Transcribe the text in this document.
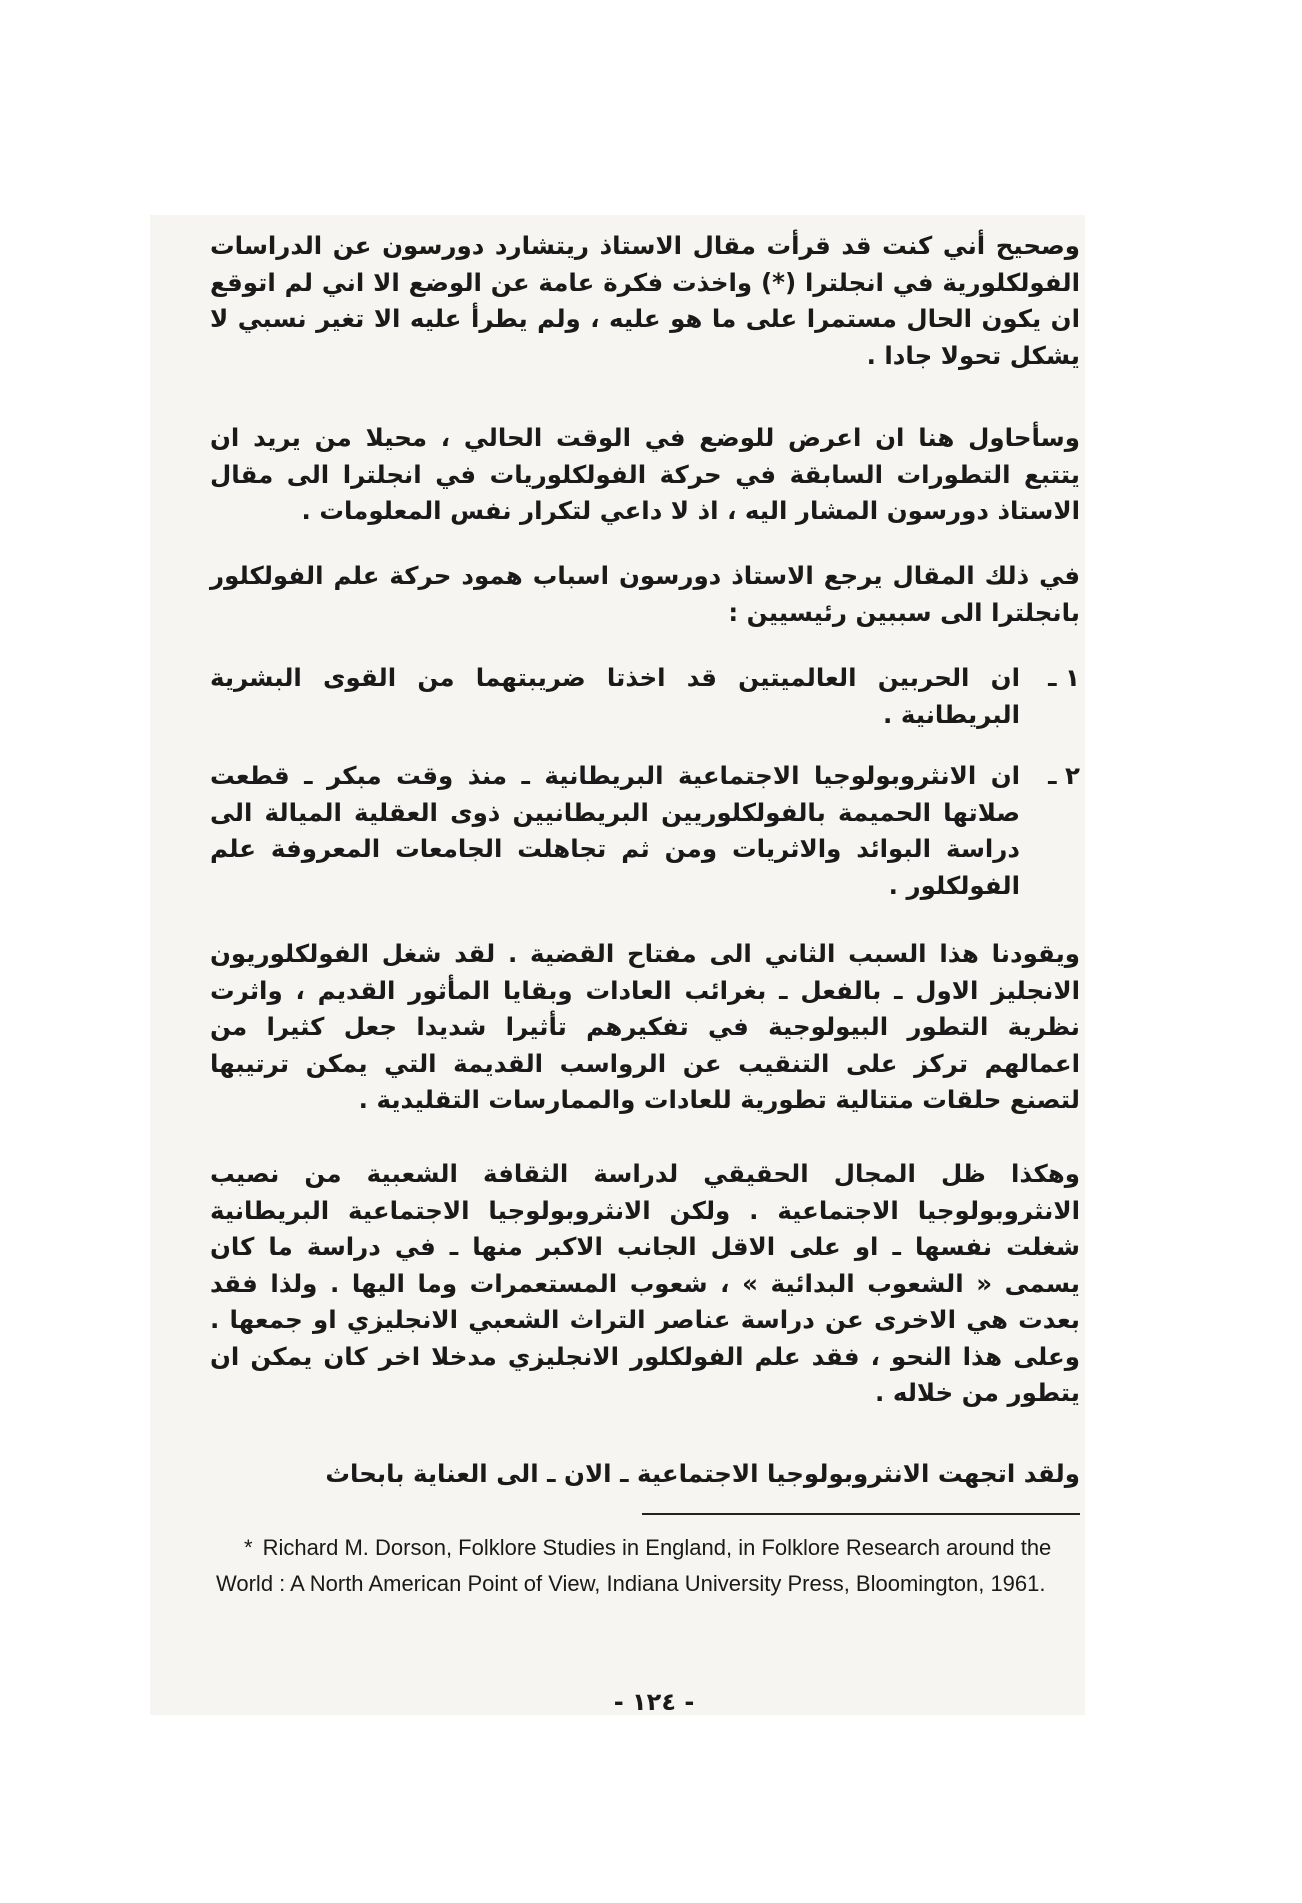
وصحيح أني كنت قد قرأت مقال الاستاذ ريتشارد دورسون عن الدراسات الفولكلورية في انجلترا (*) واخذت فكرة عامة عن الوضع الا اني لم اتوقع ان يكون الحال مستمرا على ما هو عليه ، ولم يطرأ عليه الا تغير نسبي لا يشكل تحولا جادا .

وسأحاول هنا ان اعرض للوضع في الوقت الحالي ، محيلا من يريد ان يتتبع التطورات السابقة في حركة الفولكلوريات في انجلترا الى مقال الاستاذ دورسون المشار اليه ، اذ لا داعي لتكرار نفس المعلومات .

في ذلك المقال يرجع الاستاذ دورسون اسباب همود حركة علم الفولكلور بانجلترا الى سببين رئيسيين :

١ ـ

ان الحربين العالميتين قد اخذتا ضريبتهما من القوى البشرية البريطانية .

٢ ـ

ان الانثروبولوجيا الاجتماعية البريطانية ـ منذ وقت مبكر ـ قطعت صلاتها الحميمة بالفولكلوريين البريطانيين ذوى العقلية الميالة الى دراسة البوائد والاثريات ومن ثم تجاهلت الجامعات المعروفة علم الفولكلور .

ويقودنا هذا السبب الثاني الى مفتاح القضية . لقد شغل الفولكلوريون الانجليز الاول ـ بالفعل ـ بغرائب العادات وبقايا المأثور القديم ، واثرت نظرية التطور البيولوجية في تفكيرهم تأثيرا شديدا جعل كثيرا من اعمالهم تركز على التنقيب عن الرواسب القديمة التي يمكن ترتيبها لتصنع حلقات متتالية تطورية للعادات والممارسات التقليدية .

وهكذا ظل المجال الحقيقي لدراسة الثقافة الشعبية من نصيب الانثروبولوجيا الاجتماعية . ولكن الانثروبولوجيا الاجتماعية البريطانية شغلت نفسها ـ او على الاقل الجانب الاكبر منها ـ في دراسة ما كان يسمى « الشعوب البدائية » ، شعوب المستعمرات وما اليها . ولذا فقد بعدت هي الاخرى عن دراسة عناصر التراث الشعبي الانجليزي او جمعها . وعلى هذا النحو ، فقد علم الفولكلور الانجليزي مدخلا اخر كان يمكن ان يتطور من خلاله .

ولقد اتجهت الانثروبولوجيا الاجتماعية ـ الان ـ الى العناية بابحاث

* Richard M. Dorson, Folklore Studies in England, in Folklore Research around the World : A North American Point of View, Indiana University Press, Bloomington, 1961.
- ١٢٤ -
